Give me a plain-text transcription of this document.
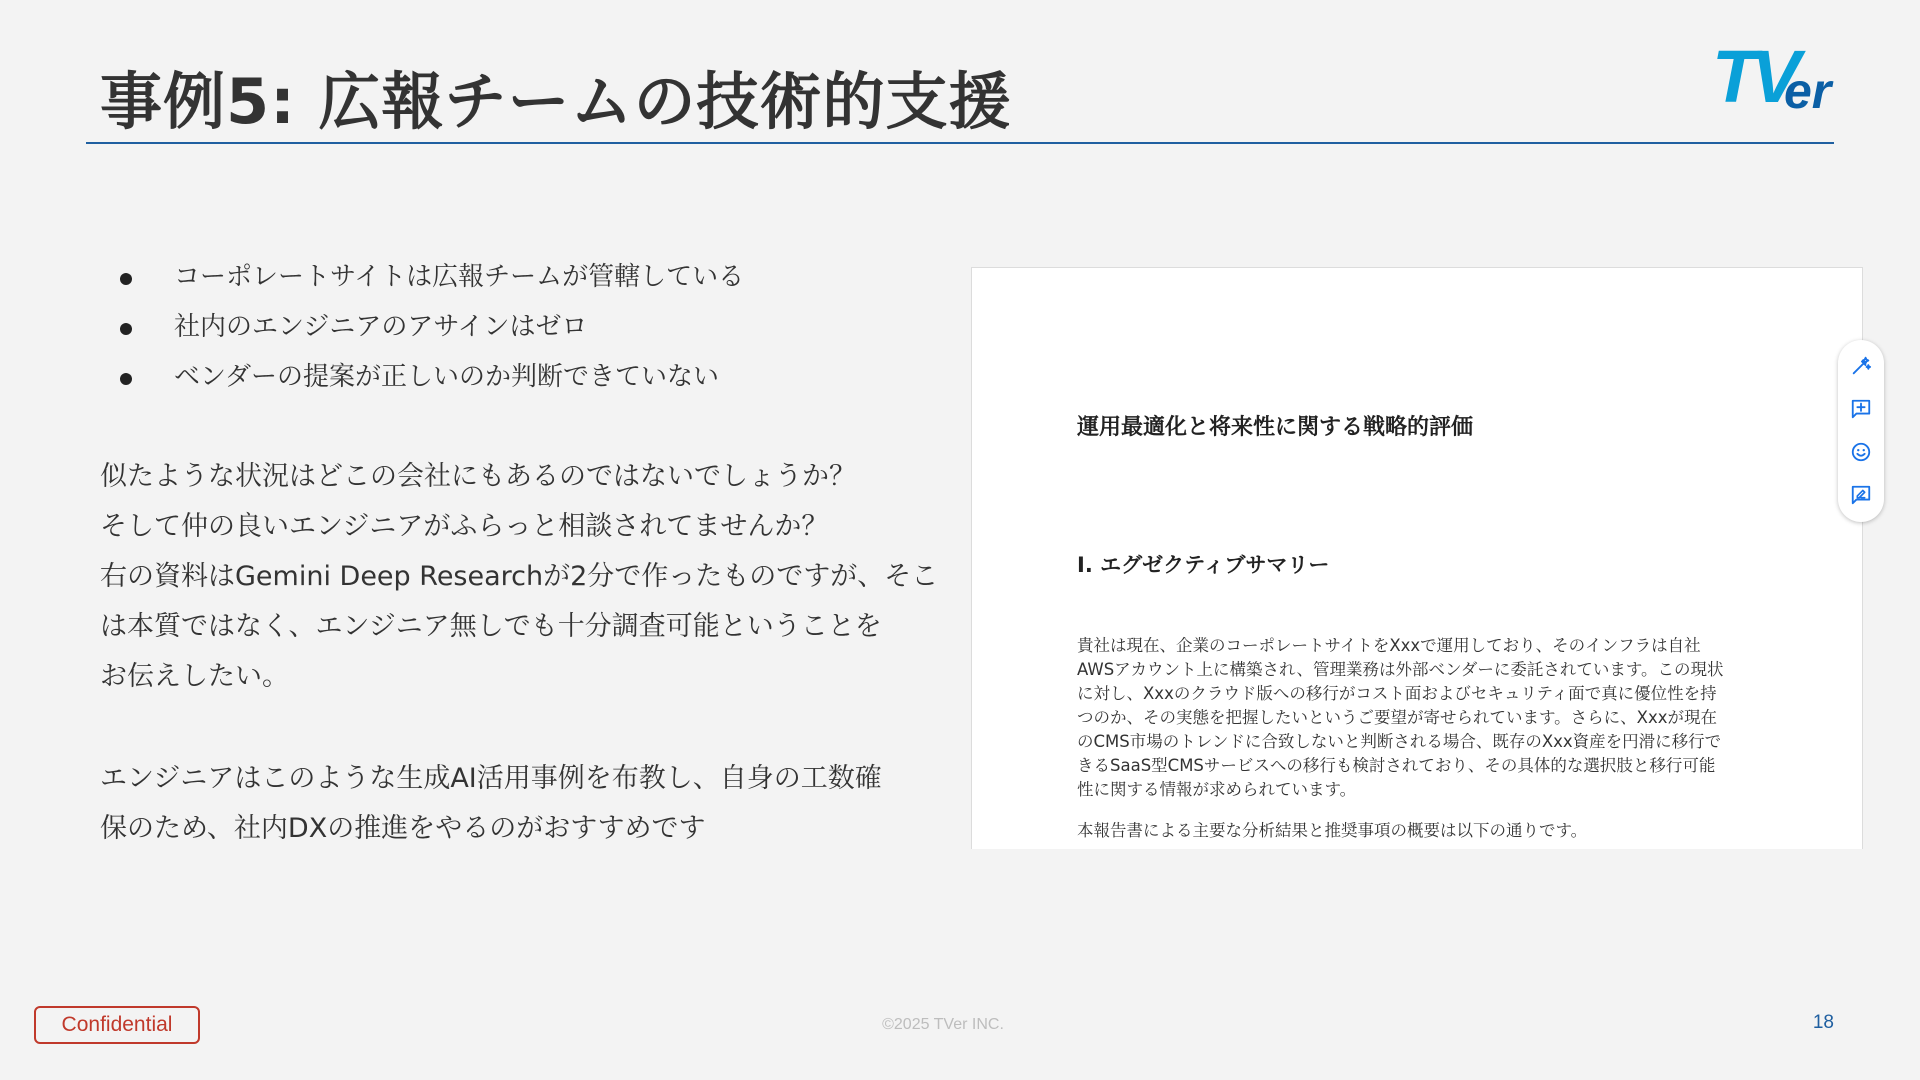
事例5: 広報チームの技術的支援	TV
er
コーポレートサイトは広報チームが管轄している
社内のエンジニアのアサインはゼロ
ベンダーの提案が正しいのか判断できていない
似たような状況はどこの会社にもあるのではないでしょうか？
そして仲の良いエンジニアがふらっと相談されてませんか？
右の資料はGemini Deep Researchが2分で作ったものですが、そこ
は本質ではなく、エンジニア無しでも十分調査可能ということを
お伝えしたい。
エンジニアはこのような生成AI活用事例を布教し、自身の工数確
保のため、社内DXの推進をやるのがおすすめです
運用最適化と将来性に関する戦略的評価
I. エグゼクティブサマリー
貴社は現在、企業のコーポレートサイトをXxxで運用しており、そのインフラは自社
AWSアカウント上に構築され、管理業務は外部ベンダーに委託されています。この現状
に対し、Xxxのクラウド版への移行がコスト面およびセキュリティ面で真に優位性を持
つのか、その実態を把握したいというご要望が寄せられています。さらに、Xxxが現在
のCMS市場のトレンドに合致しないと判断される場合、既存のXxx資産を円滑に移行で
きるSaaS型CMSサービスへの移行も検討されており、その具体的な選択肢と移行可能
性に関する情報が求められています。
本報告書による主要な分析結果と推奨事項の概要は以下の通りです。
Confidential	©2025 TVer INC.	18
